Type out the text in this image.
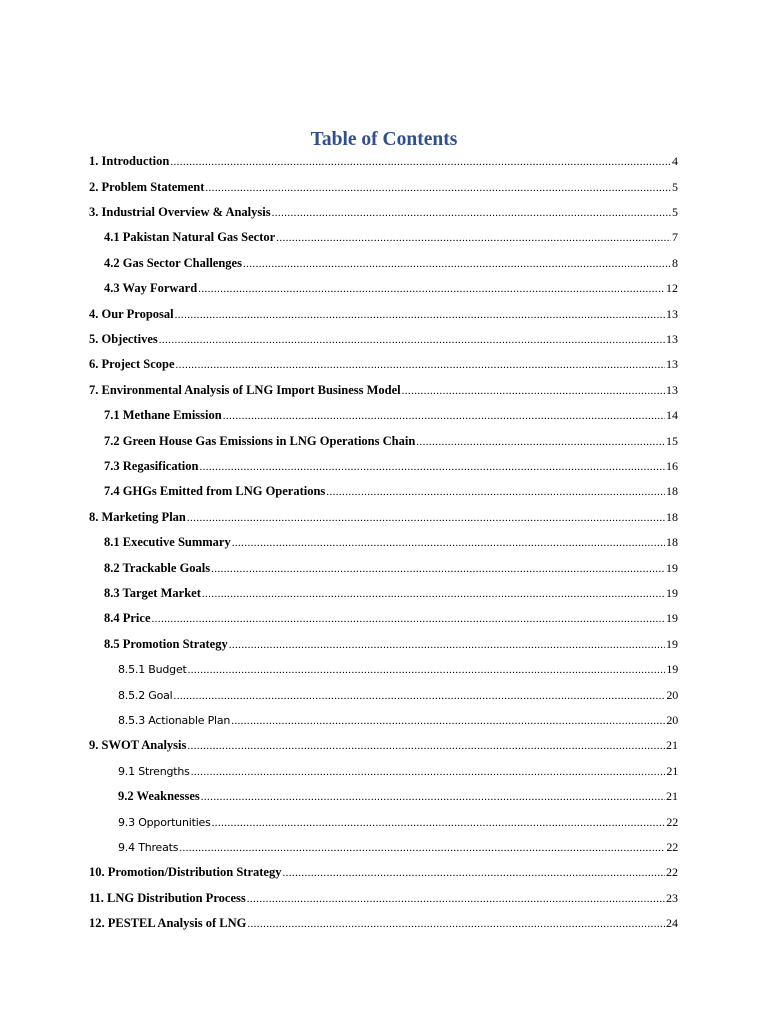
Table of Contents
1. Introduction .....	4
2. Problem Statement .....	5
3. Industrial Overview & Analysis .....	5
4.1 Pakistan Natural Gas Sector .....	7
4.2 Gas Sector Challenges .....	8
4.3 Way Forward .....	12
4. Our Proposal .....	13
5. Objectives .....	13
6. Project Scope .....	13
7. Environmental Analysis of LNG Import Business Model .....	13
7.1 Methane Emission .....	14
7.2 Green House Gas Emissions in LNG Operations Chain .....	15
7.3 Regasification .....	16
7.4 GHGs Emitted from LNG Operations .....	18
8. Marketing Plan .....	18
8.1 Executive Summary .....	18
8.2 Trackable Goals .....	19
8.3 Target Market .....	19
8.4 Price .....	19
8.5 Promotion Strategy .....	19
8.5.1 Budget .....	19
8.5.2 Goal .....	20
8.5.3 Actionable Plan .....	20
9. SWOT Analysis .....	21
9.1 Strengths .....	21
9.2 Weaknesses .....	21
9.3 Opportunities .....	22
9.4 Threats .....	22
10. Promotion/Distribution Strategy .....	22
11. LNG Distribution Process .....	23
12. PESTEL Analysis of LNG .....	24
